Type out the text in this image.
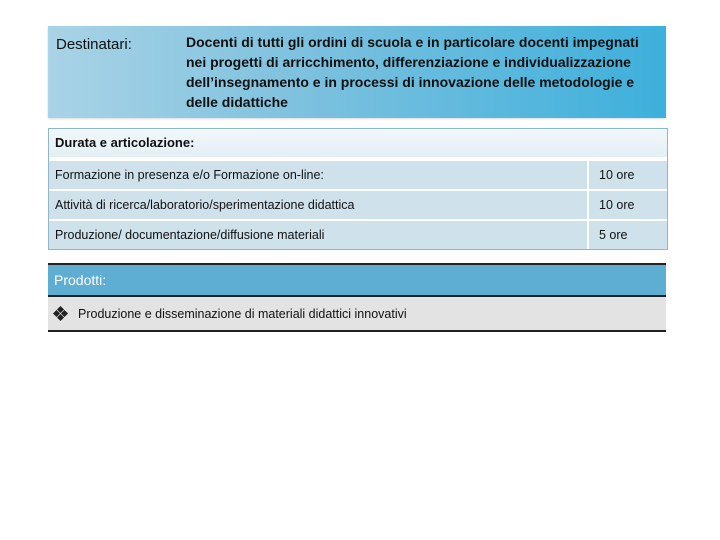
Destinatari:	Docenti di tutti gli ordini di scuola e in particolare docenti impegnati nei progetti di arricchimento, differenziazione e individualizzazione dell’insegnamento e in processi di innovazione delle metodologie e delle didattiche
Durata e articolazione:
Formazione in presenza e/o Formazione on-line:	10 ore
Attività di ricerca/laboratorio/sperimentazione didattica	10 ore
Produzione/ documentazione/diffusione materiali	5 ore
Prodotti:
Produzione e disseminazione di materiali didattici innovativi
